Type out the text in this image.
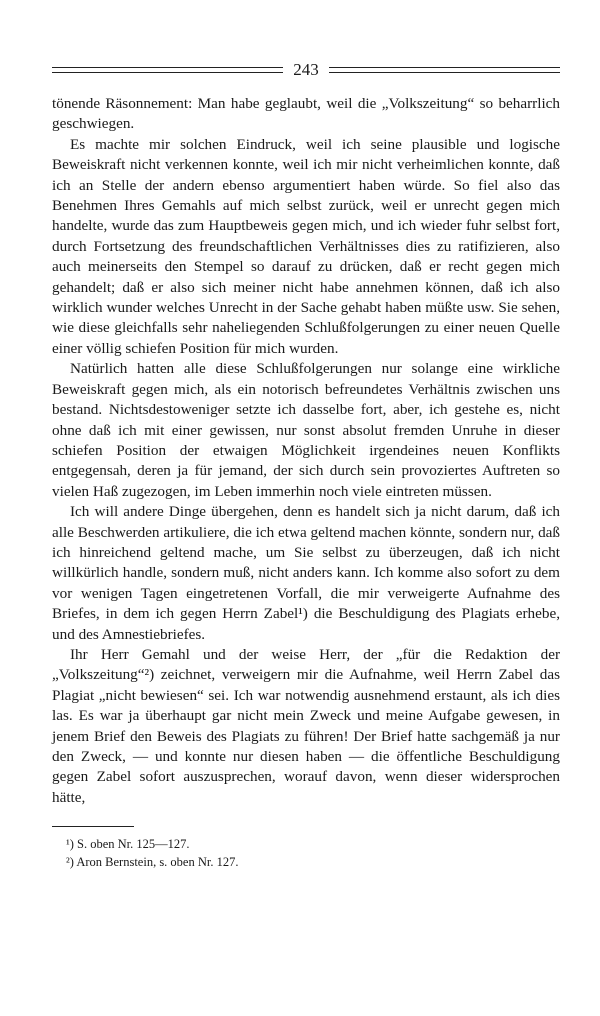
243

tönende Räsonnement: Man habe geglaubt, weil die „Volkszeitung“ so beharrlich geschwiegen.

Es machte mir solchen Eindruck, weil ich seine plausible und logische Beweiskraft nicht verkennen konnte, weil ich mir nicht verheimlichen konnte, daß ich an Stelle der andern ebenso argumentiert haben würde. So fiel also das Benehmen Ihres Gemahls auf mich selbst zurück, weil er unrecht gegen mich handelte, wurde das zum Hauptbeweis gegen mich, und ich wieder fuhr selbst fort, durch Fortsetzung des freundschaftlichen Verhältnisses dies zu ratifizieren, also auch meinerseits den Stempel so darauf zu drücken, daß er recht gegen mich gehandelt; daß er also sich meiner nicht habe annehmen können, daß ich also wirklich wunder welches Unrecht in der Sache gehabt haben müßte usw. Sie sehen, wie diese gleichfalls sehr naheliegenden Schlußfolgerungen zu einer neuen Quelle einer völlig schiefen Position für mich wurden.

Natürlich hatten alle diese Schlußfolgerungen nur solange eine wirkliche Beweiskraft gegen mich, als ein notorisch befreundetes Verhältnis zwischen uns bestand. Nichtsdestoweniger setzte ich dasselbe fort, aber, ich gestehe es, nicht ohne daß ich mit einer gewissen, nur sonst absolut fremden Unruhe in dieser schiefen Position der etwaigen Möglichkeit irgendeines neuen Konflikts entgegensah, deren ja für jemand, der sich durch sein provoziertes Auftreten so vielen Haß zugezogen, im Leben immerhin noch viele eintreten müssen.

Ich will andere Dinge übergehen, denn es handelt sich ja nicht darum, daß ich alle Beschwerden artikuliere, die ich etwa geltend machen könnte, sondern nur, daß ich hinreichend geltend mache, um Sie selbst zu überzeugen, daß ich nicht willkürlich handle, sondern muß, nicht anders kann. Ich komme also sofort zu dem vor wenigen Tagen eingetretenen Vorfall, die mir verweigerte Aufnahme des Briefes, in dem ich gegen Herrn Zabel¹) die Beschuldigung des Plagiats erhebe, und des Amnestiebriefes.

Ihr Herr Gemahl und der weise Herr, der „für die Redaktion der „Volkszeitung“²) zeichnet, verweigern mir die Aufnahme, weil Herrn Zabel das Plagiat „nicht bewiesen“ sei. Ich war notwendig ausnehmend erstaunt, als ich dies las. Es war ja überhaupt gar nicht mein Zweck und meine Aufgabe gewesen, in jenem Brief den Beweis des Plagiats zu führen! Der Brief hatte sachgemäß ja nur den Zweck, — und konnte nur diesen haben — die öffentliche Beschuldigung gegen Zabel sofort auszusprechen, worauf davon, wenn dieser widersprochen hätte,

¹) S. oben Nr. 125—127.
²) Aron Bernstein, s. oben Nr. 127.
